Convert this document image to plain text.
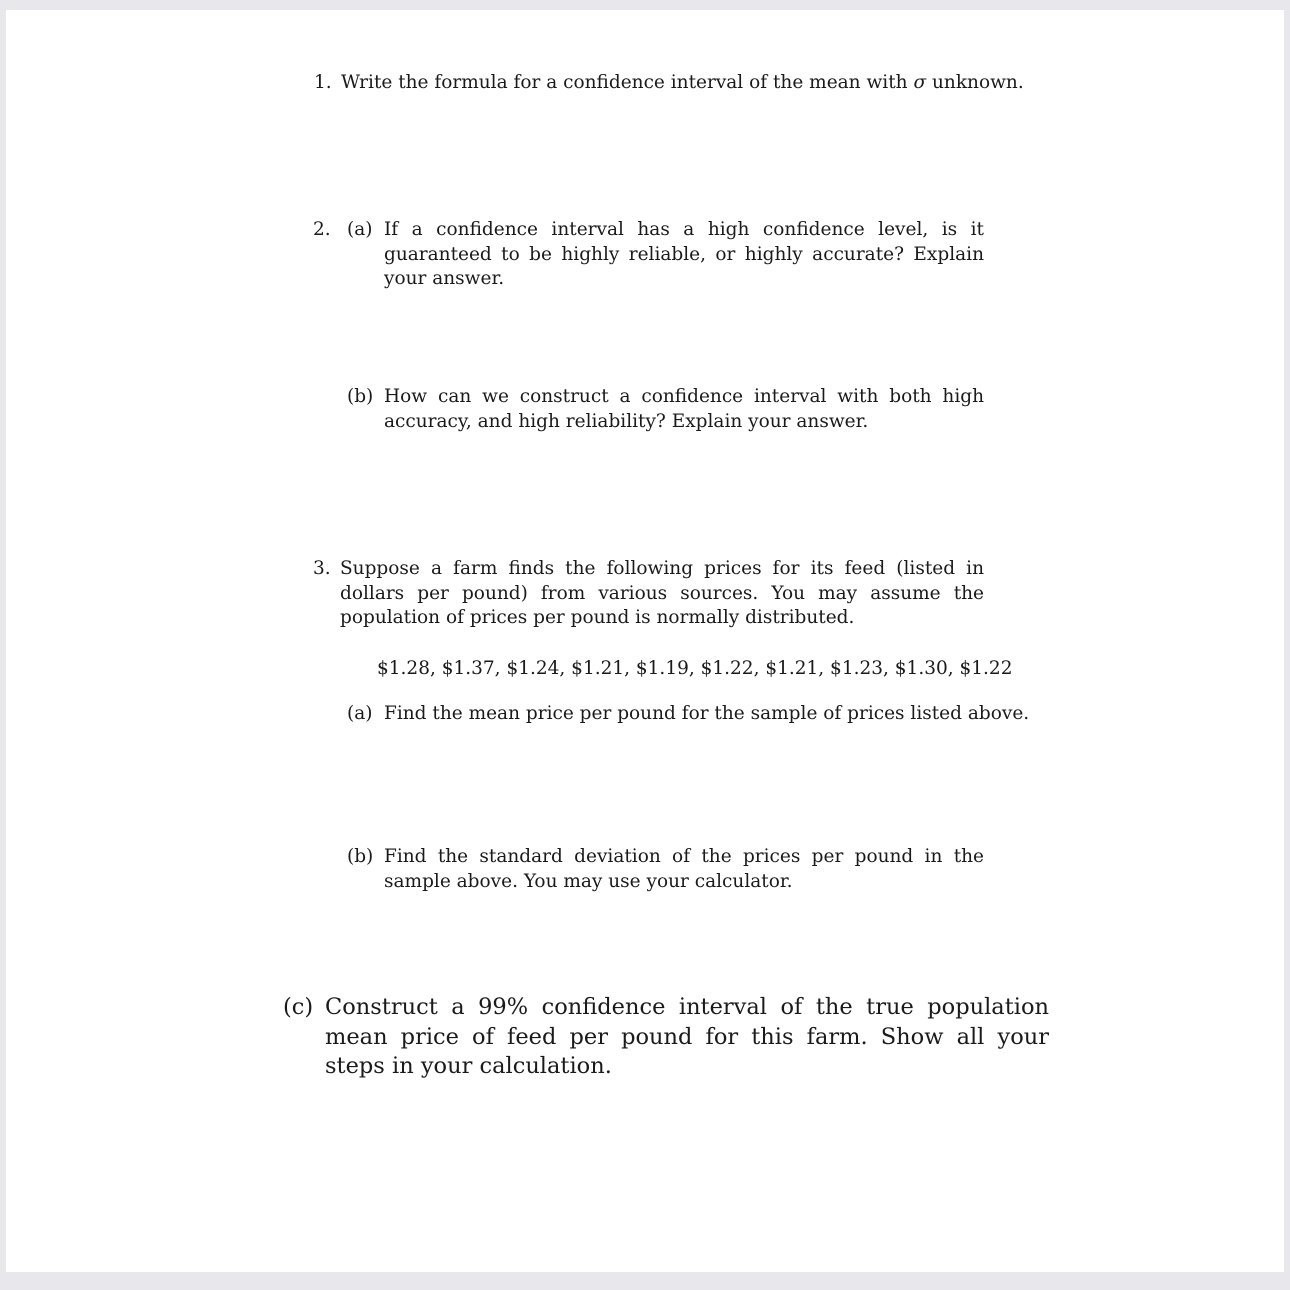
1. Write the formula for a confidence interval of the mean with σ unknown.
2. (a) If a confidence interval has a high confidence level, is it guaranteed to be highly reliable, or highly accurate? Explain your answer.
(b) How can we construct a confidence interval with both high accuracy, and high reliability? Explain your answer.
3. Suppose a farm finds the following prices for its feed (listed in dollars per pound) from various sources. You may assume the population of prices per pound is normally distributed.
$1.28, $1.37, $1.24, $1.21, $1.19, $1.22, $1.21, $1.23, $1.30, $1.22
(a) Find the mean price per pound for the sample of prices listed above.
(b) Find the standard deviation of the prices per pound in the sample above. You may use your calculator.
(c) Construct a 99% confidence interval of the true population mean price of feed per pound for this farm. Show all your steps in your calculation.
